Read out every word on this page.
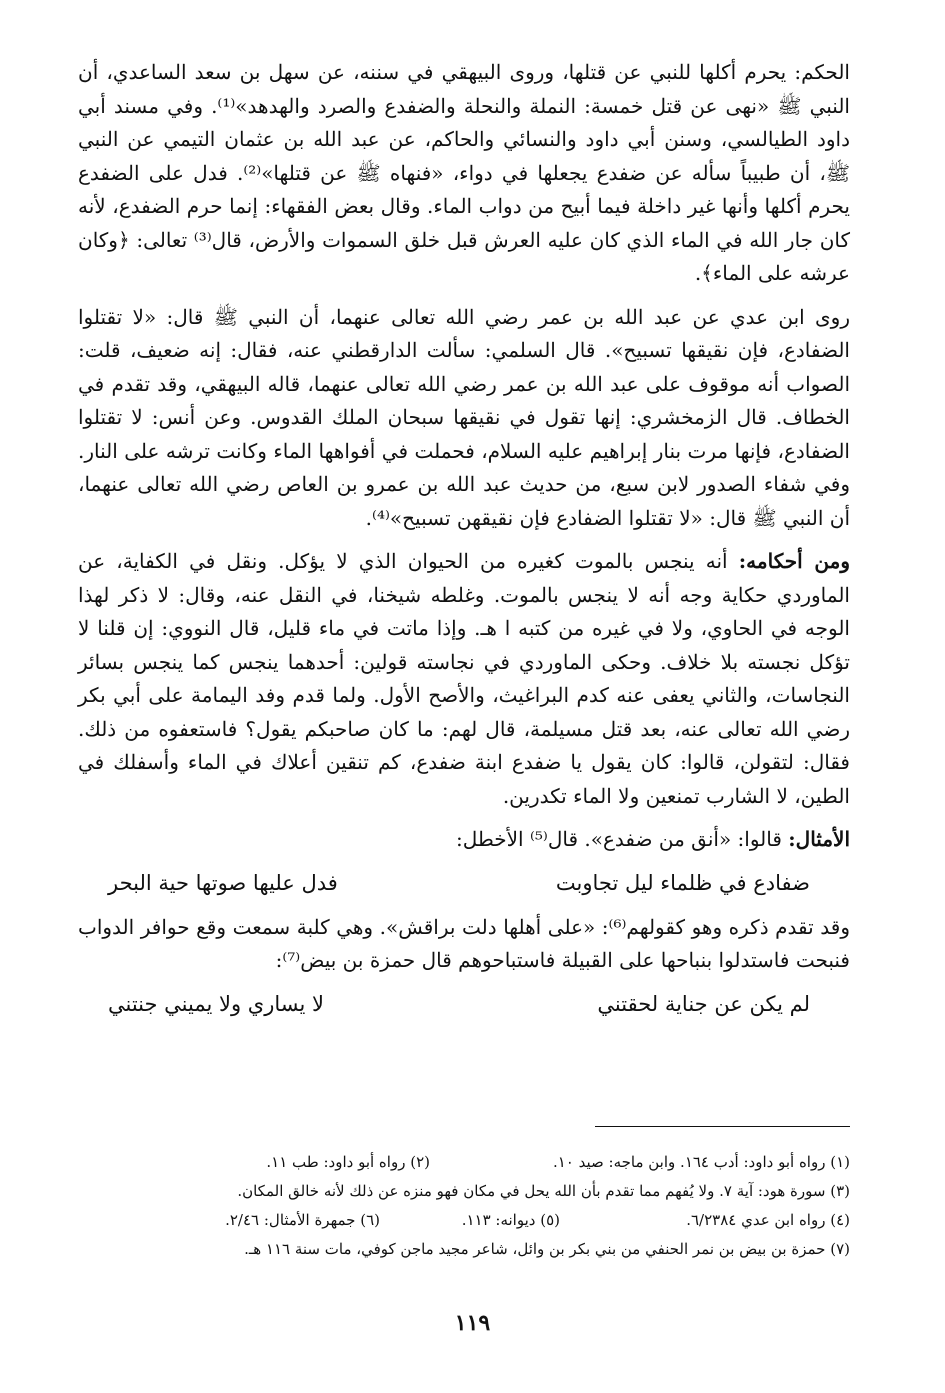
الحكم: يحرم أكلها للنبي عن قتلها، وروى البيهقي في سننه، عن سهل بن سعد الساعدي، أن النبي ﷺ «نهى عن قتل خمسة: النملة والنحلة والضفدع والصرد والهدهد»⁽¹⁾. وفي مسند أبي داود الطيالسي، وسنن أبي داود والنسائي والحاكم، عن عبد الله بن عثمان التيمي عن النبي ﷺ، أن طبيباً سأله عن ضفدع يجعلها في دواء، «فنهاه ﷺ عن قتلها»⁽²⁾. فدل على الضفدع يحرم أكلها وأنها غير داخلة فيما أبيح من دواب الماء. وقال بعض الفقهاء: إنما حرم الضفدع، لأنه كان جار الله في الماء الذي كان عليه العرش قبل خلق السموات والأرض، قال⁽³⁾ تعالى: ﴿وكان عرشه على الماء﴾.

روى ابن عدي عن عبد الله بن عمر رضي الله تعالى عنهما، أن النبي ﷺ قال: «لا تقتلوا الضفادع، فإن نقيقها تسبيح». قال السلمي: سألت الدارقطني عنه، فقال: إنه ضعيف، قلت: الصواب أنه موقوف على عبد الله بن عمر رضي الله تعالى عنهما، قاله البيهقي، وقد تقدم في الخطاف. قال الزمخشري: إنها تقول في نقيقها سبحان الملك القدوس. وعن أنس: لا تقتلوا الضفادع، فإنها مرت بنار إبراهيم عليه السلام، فحملت في أفواهها الماء وكانت ترشه على النار. وفي شفاء الصدور لابن سبع، من حديث عبد الله بن عمرو بن العاص رضي الله تعالى عنهما، أن النبي ﷺ قال: «لا تقتلوا الضفادع فإن نقيقهن تسبيح»⁽⁴⁾.

ومن أحكامه: أنه ينجس بالموت كغيره من الحيوان الذي لا يؤكل. ونقل في الكفاية، عن الماوردي حكاية وجه أنه لا ينجس بالموت. وغلطه شيخنا، في النقل عنه، وقال: لا ذكر لهذا الوجه في الحاوي، ولا في غيره من كتبه ا هـ. وإذا ماتت في ماء قليل، قال النووي: إن قلنا لا تؤكل نجسته بلا خلاف. وحكى الماوردي في نجاسته قولين: أحدهما ينجس كما ينجس بسائر النجاسات، والثاني يعفى عنه كدم البراغيث، والأصح الأول. ولما قدم وفد اليمامة على أبي بكر رضي الله تعالى عنه، بعد قتل مسيلمة، قال لهم: ما كان صاحبكم يقول؟ فاستعفوه من ذلك. فقال: لتقولن، قالوا: كان يقول يا ضفدع ابنة ضفدع، كم تنقين أعلاك في الماء وأسفلك في الطين، لا الشارب تمنعين ولا الماء تكدرين.

الأمثال: قالوا: «أنق من ضفدع». قال⁽⁵⁾ الأخطل:

ضفادع في ظلماء ليل تجاوبت
فدل عليها صوتها حية البحر

وقد تقدم ذكره وهو كقولهم⁽⁶⁾: «على أهلها دلت براقش». وهي كلبة سمعت وقع حوافر الدواب فنبحت فاستدلوا بنباحها على القبيلة فاستباحوهم قال حمزة بن بيض⁽⁷⁾:

لم يكن عن جناية لحقتني
لا يساري ولا يميني جنتني
(١) رواه أبو داود: أدب ١٦٤. وابن ماجه: صيد ١٠.
(٢) رواه أبو داود: طب ١١.
(٣) سورة هود: آية ٧. ولا يُفهم مما تقدم بأن الله يحل في مكان فهو منزه عن ذلك لأنه خالق المكان.
(٤) رواه ابن عدي ٦/٢٣٨٤.
(٥) ديوانه: ١١٣.
(٦) جمهرة الأمثال: ٢/٤٦.
(٧) حمزة بن بيض بن نمر الحنفي من بني بكر بن وائل، شاعر مجيد ماجن كوفي، مات سنة ١١٦ هـ.
١١٩
